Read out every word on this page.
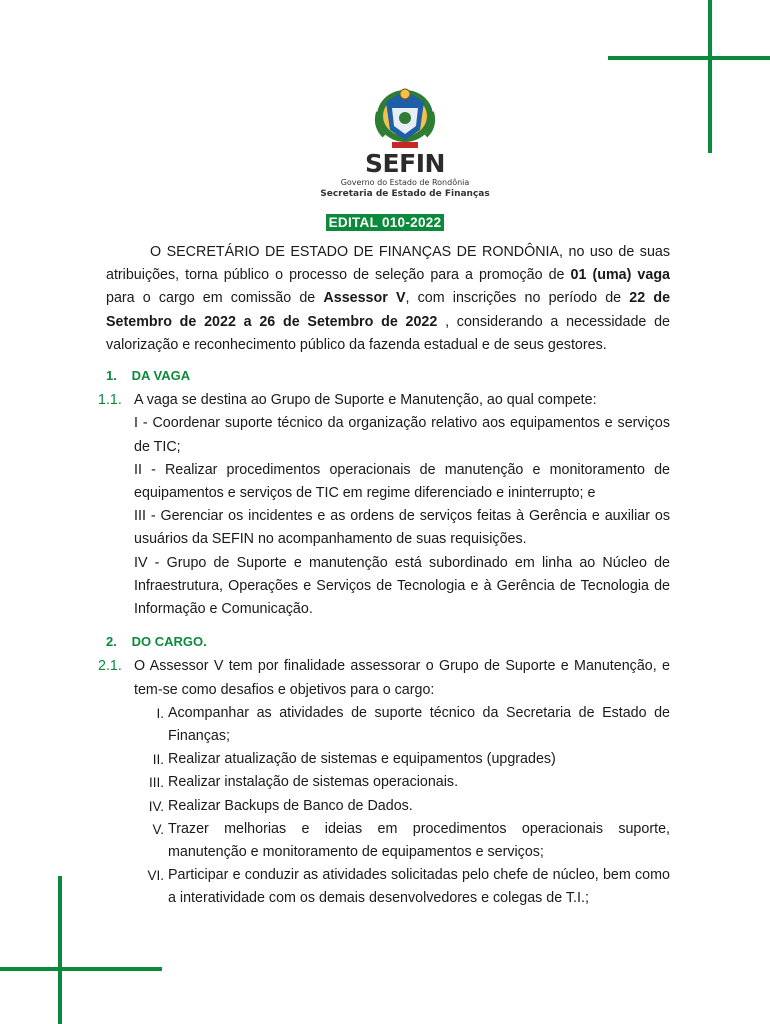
SEFIN
Governo do Estado de Rondônia
Secretaria de Estado de Finanças
EDITAL 010-2022

O SECRETÁRIO DE ESTADO DE FINANÇAS DE RONDÔNIA, no uso de suas atribuições, torna público o processo de seleção para a promoção de 01 (uma) vaga para o cargo em comissão de Assessor V, com inscrições no período de 22 de Setembro de 2022 a 26 de Setembro de 2022 , considerando a necessidade de valorização e reconhecimento público da fazenda estadual e de seus gestores.

1. DA VAGA
1.1. A vaga se destina ao Grupo de Suporte e Manutenção, ao qual compete:
I - Coordenar suporte técnico da organização relativo aos equipamentos e serviços de TIC;
II - Realizar procedimentos operacionais de manutenção e monitoramento de equipamentos e serviços de TIC em regime diferenciado e ininterrupto; e
III - Gerenciar os incidentes e as ordens de serviços feitas à Gerência e auxiliar os usuários da SEFIN no acompanhamento de suas requisições.
IV - Grupo de Suporte e manutenção está subordinado em linha ao Núcleo de Infraestrutura, Operações e Serviços de Tecnologia e à Gerência de Tecnologia de Informação e Comunicação.
2. DO CARGO.
2.1. O Assessor V tem por finalidade assessorar o Grupo de Suporte e Manutenção, e tem-se como desafios e objetivos para o cargo:
I. Acompanhar as atividades de suporte técnico da Secretaria de Estado de Finanças;
II. Realizar atualização de sistemas e equipamentos (upgrades)
III. Realizar instalação de sistemas operacionais.
IV. Realizar Backups de Banco de Dados.
V. Trazer melhorias e ideias em procedimentos operacionais suporte, manutenção e monitoramento de equipamentos e serviços;
VI. Participar e conduzir as atividades solicitadas pelo chefe de núcleo, bem como a interatividade com os demais desenvolvedores e colegas de T.I.;
